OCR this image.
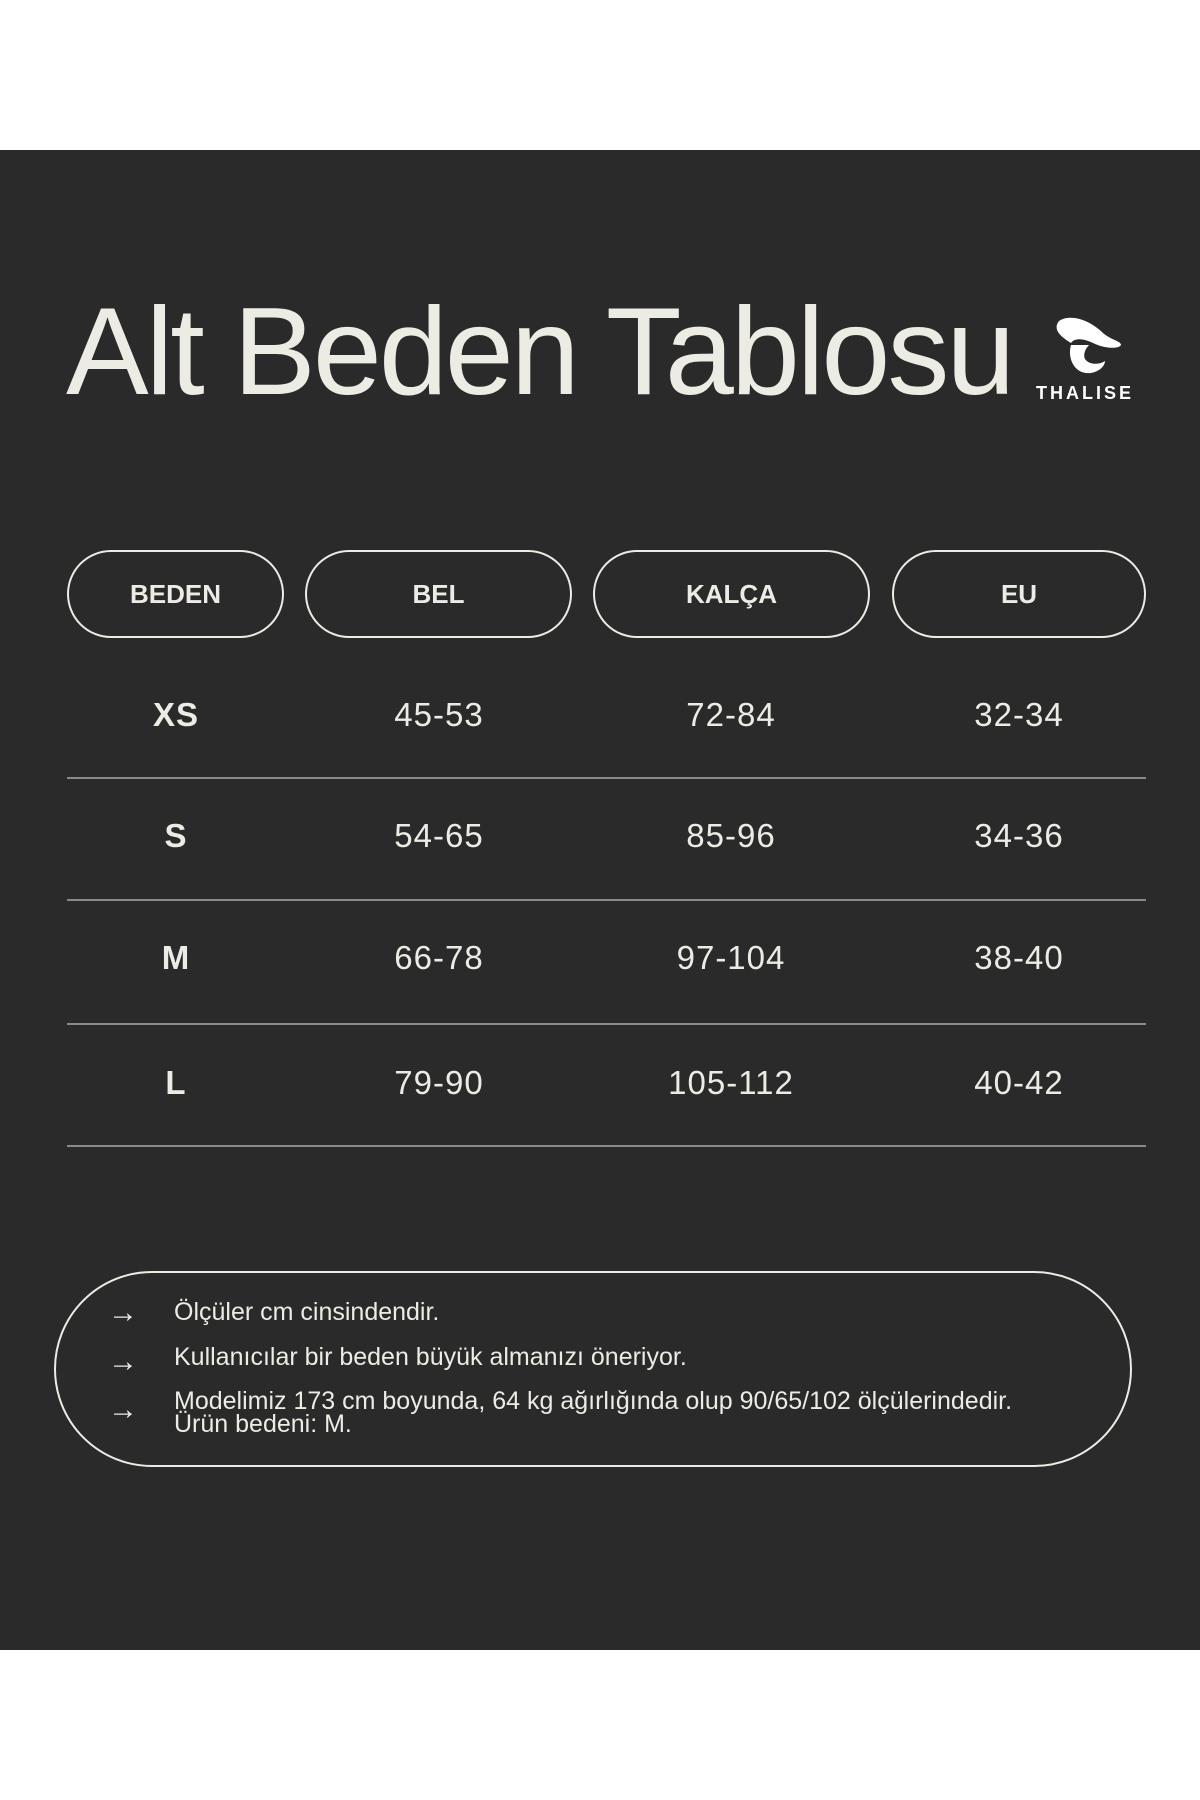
Alt Beden Tablosu	THALISE
BEDEN	BEL	KALÇA	EU
XS	45-53	72-84	32-34
S	54-65	85-96	34-36
M	66-78	97-104	38-40
L	79-90	105-112	40-42
→ Ölçüler cm cinsindendir.
→ Kullanıcılar bir beden büyük almanızı öneriyor.
→ Modelimiz 173 cm boyunda, 64 kg ağırlığında olup 90/65/102 ölçülerindedir.
Ürün bedeni: M.
